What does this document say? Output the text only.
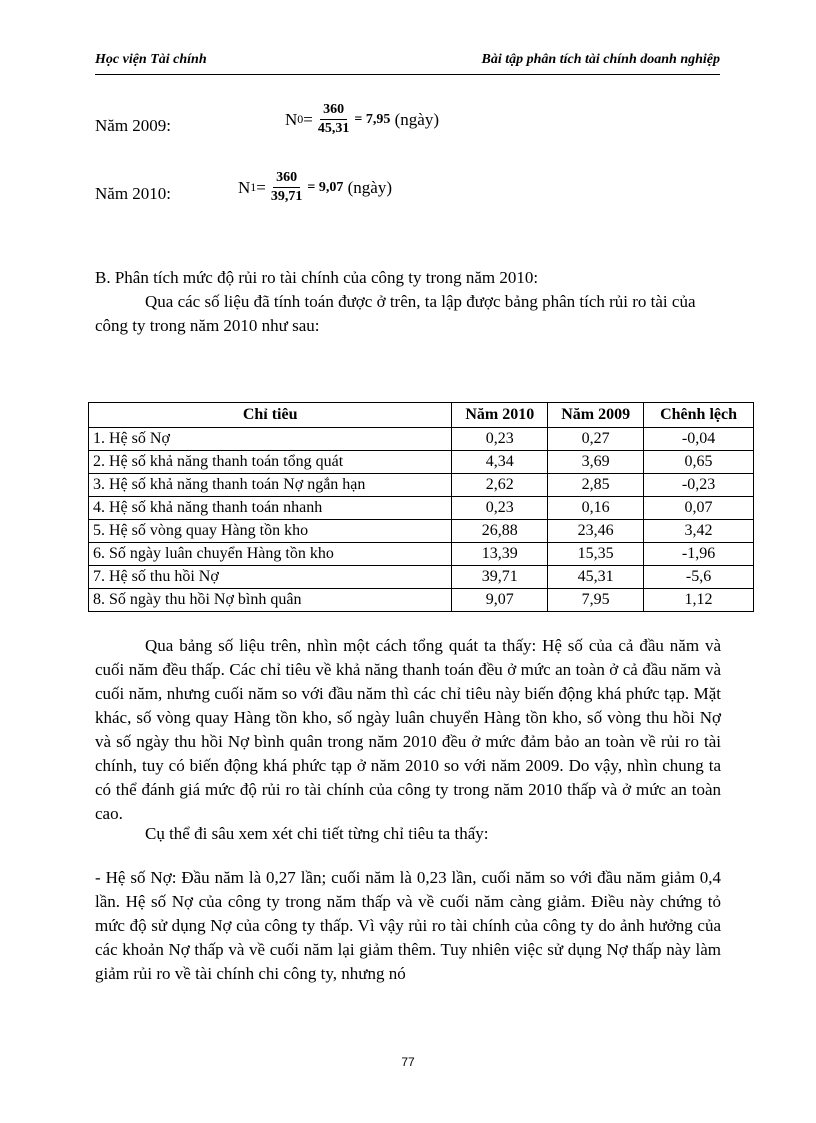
Học viện Tài chính	Bài tập phân tích tài chính doanh nghiệp
Năm 2009:	N $0 = \frac{360}{45,31} = 7,95$
(ngày)
Năm 2010:	N $1 = \frac{360}{39,71} = 9,07$
(ngày)
B. Phân tích mức độ rủi ro tài chính của công ty trong năm 2010:
Qua các số liệu đã tính toán được ở trên, ta lập được bảng phân tích rủi ro tài của công ty trong năm 2010 như sau:
Chỉ tiêu	Năm 2010	Năm 2009	Chênh lệch
1. Hệ số Nợ	0,23	0,27	-0,04
2. Hệ số khả năng thanh toán tổng quát	4,34	3,69	0,65
3. Hệ số khả năng thanh toán Nợ ngắn hạn	2,62	2,85	-0,23
4. Hệ số khả năng thanh toán nhanh	0,23	0,16	0,07
5. Hệ số vòng quay Hàng tồn kho	26,88	23,46	3,42
6. Số ngày luân chuyển Hàng tồn kho	13,39	15,35	-1,96
7. Hệ số thu hồi Nợ	39,71	45,31	-5,6
8. Số ngày thu hồi Nợ bình quân	9,07	7,95	1,12
Qua bảng số liệu trên, nhìn một cách tổng quát ta thấy: Hệ số của cả đầu năm và cuối năm đều thấp. Các chỉ tiêu về khả năng thanh toán đều ở mức an toàn ở cả đầu năm và cuối năm, nhưng cuối năm so với đầu năm thì các chỉ tiêu này biến động khá phức tạp. Mặt khác, số vòng quay Hàng tồn kho, số ngày luân chuyển Hàng tồn kho, số vòng thu hồi Nợ và số ngày thu hồi Nợ bình quân trong năm 2010 đều ở mức đảm bảo an toàn về rủi ro tài chính, tuy có biến động khá phức tạp ở năm 2010 so với năm 2009. Do vậy, nhìn chung ta có thể đánh giá mức độ rủi ro tài chính của công ty trong năm 2010 thấp và ở mức an toàn cao.
Cụ thể đi sâu xem xét chi tiết từng chỉ tiêu ta thấy:
- Hệ số Nợ: Đầu năm là 0,27 lần; cuối năm là 0,23 lần, cuối năm so với đầu năm giảm 0,4 lần. Hệ số Nợ của công ty trong năm thấp và về cuối năm càng giảm. Điều này chứng tỏ mức độ sử dụng Nợ của công ty thấp. Vì vậy rủi ro tài chính của công ty do ảnh hưởng của các khoản Nợ thấp và về cuối năm lại giảm thêm. Tuy nhiên việc sử dụng Nợ thấp này làm giảm rủi ro về tài chính chi công ty, nhưng nó
77
